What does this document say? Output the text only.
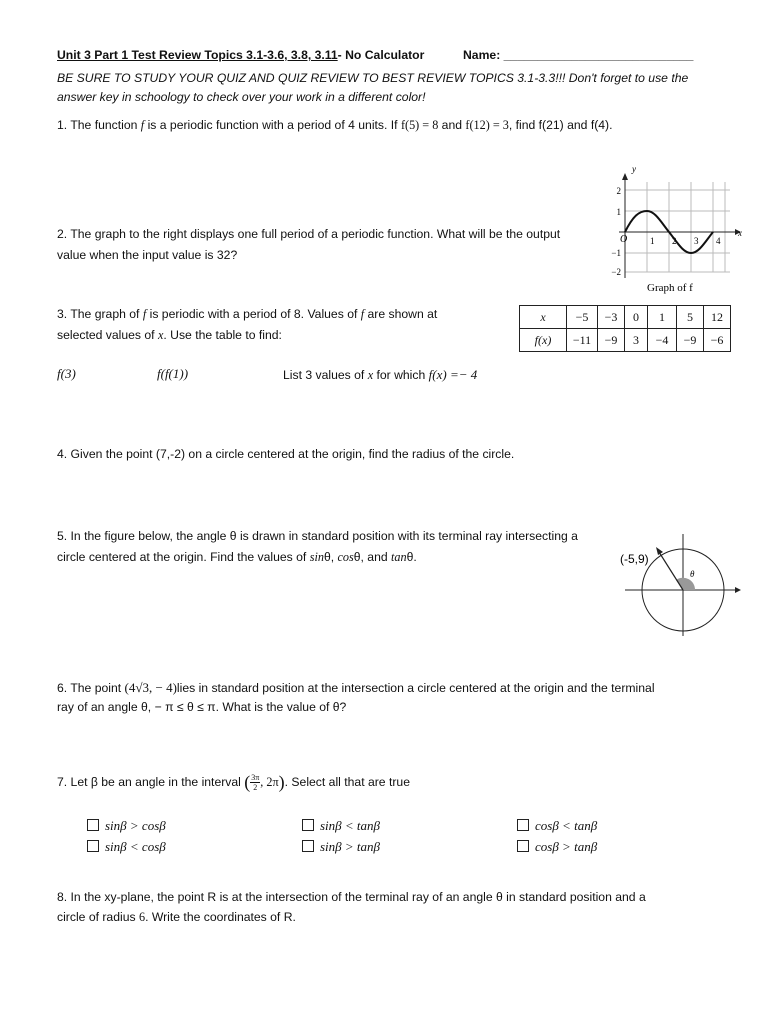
Unit 3 Part 1 Test Review Topics 3.1-3.6, 3.8, 3.11- No Calculator	Name: ____________________________
BE SURE TO STUDY YOUR QUIZ AND QUIZ REVIEW TO BEST REVIEW TOPICS 3.1-3.3!!! Don't forget to use the
answer key in schoology to check over your work in a different color!
1. The function f is a periodic function with a period of 4 units. If f(5) = 8 and f(12) = 3, find f(21) and f(4).
2. The graph to the right displays one full period of a periodic function. What will be the output
value when the input value is 32?
y
x
O
2
1
−1
−2
1 2 3 4
Graph of f
3. The graph of f is periodic with a period of 8. Values of f are shown at
selected values of x. Use the table to find:
x	−5	−3	0	1	5	12
f(x)	−11	−9	3	−4	−9	−6
f(3)	f(f(1))	List 3 values of x for which f(x) =− 4
4. Given the point (7,-2) on a circle centered at the origin, find the radius of the circle.
5. In the figure below, the angle θ is drawn in standard position with its terminal ray intersecting a
circle centered at the origin. Find the values of sinθ, cosθ, and tanθ.	(-5,9)
θ
6. The point (4√3, − 4)lies in standard position at the intersection a circle centered at the origin and the terminal
ray of an angle θ, − π ≤ θ ≤ π. What is the value of θ?
7. Let β be an angle in the interval ( $\frac{3\pi}{2}$ , 2π). Select all that are true
sinβ > cosβ
sinβ < cosβ
sinβ < tanβ
sinβ > tanβ
cosβ < tanβ
cosβ > tanβ
8. In the xy-plane, the point R is at the intersection of the terminal ray of an angle θ in standard position and a
circle of radius 6. Write the coordinates of R.
